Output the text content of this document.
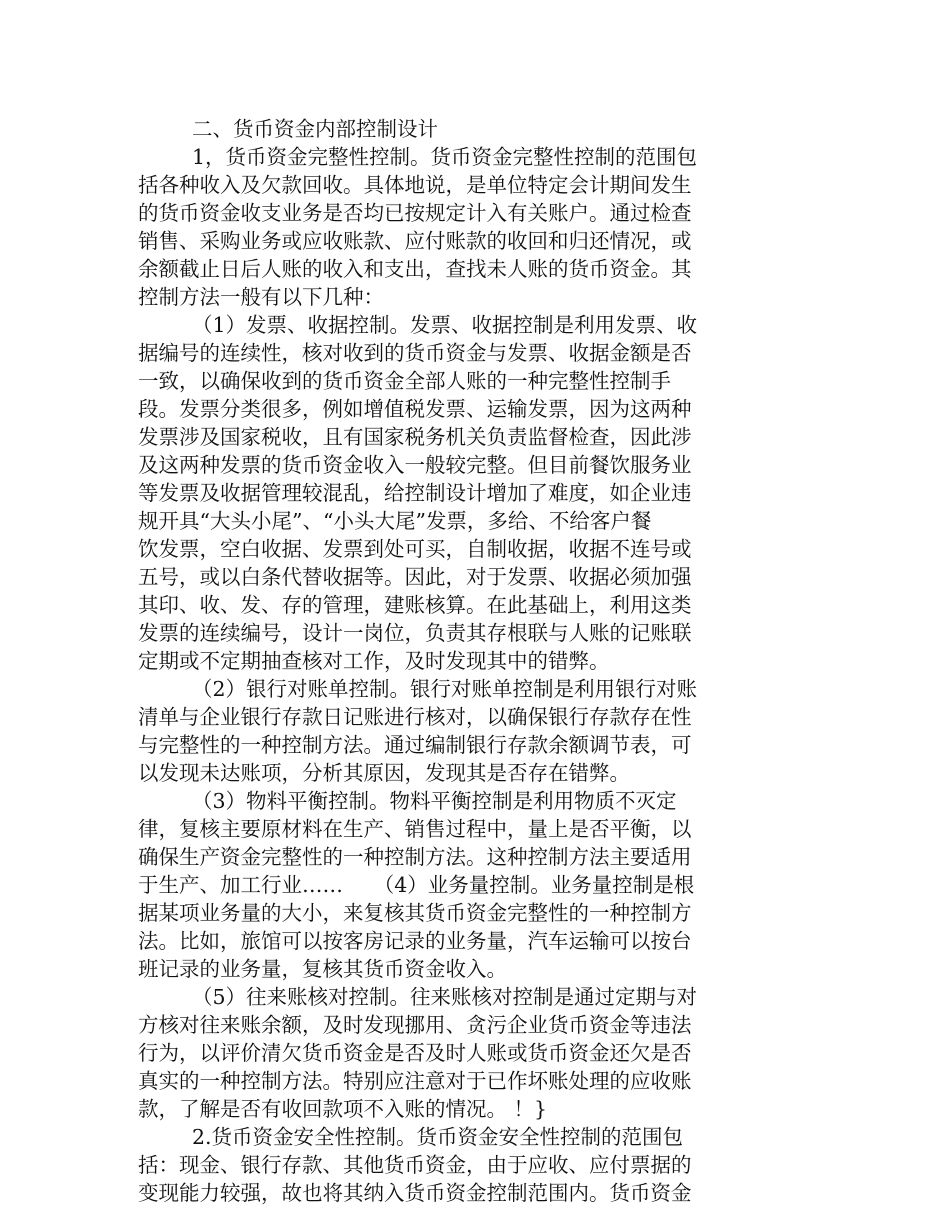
二、货币资金内部控制设计
1，货币资金完整性控制。货币资金完整性控制的范围包
括各种收入及欠款回收。具体地说，是单位特定会计期间发生
的货币资金收支业务是否均已按规定计入有关账户。通过检查
销售、采购业务或应收账款、应付账款的收回和归还情况，或
余额截止日后人账的收入和支出，查找未人账的货币资金。其
控制方法一般有以下几种：
（1）发票、收据控制。发票、收据控制是利用发票、收
据编号的连续性，核对收到的货币资金与发票、收据金额是否
一致，以确保收到的货币资金全部人账的一种完整性控制手
段。发票分类很多，例如增值税发票、运输发票，因为这两种
发票涉及国家税收，且有国家税务机关负责监督检查，因此涉
及这两种发票的货币资金收入一般较完整。但目前餐饮服务业
等发票及收据管理较混乱，给控制设计增加了难度，如企业违
规开具“大头小尾”、“小头大尾”发票，多给、不给客户餐
饮发票，空白收据、发票到处可买，自制收据，收据不连号或
五号，或以白条代替收据等。因此，对于发票、收据必须加强
其印、收、发、存的管理，建账核算。在此基础上，利用这类
发票的连续编号，设计一岗位，负责其存根联与人账的记账联
定期或不定期抽查核对工作，及时发现其中的错弊。
（2）银行对账单控制。银行对账单控制是利用银行对账
清单与企业银行存款日记账进行核对，以确保银行存款存在性
与完整性的一种控制方法。通过编制银行存款余额调节表，可
以发现未达账项，分析其原因，发现其是否存在错弊。
（3）物料平衡控制。物料平衡控制是利用物质不灭定
律，复核主要原材料在生产、销售过程中，量上是否平衡，以
确保生产资金完整性的一种控制方法。这种控制方法主要适用
于生产、加工行业……　　（4）业务量控制。业务量控制是根
据某项业务量的大小，来复核其货币资金完整性的一种控制方
法。比如，旅馆可以按客房记录的业务量，汽车运输可以按台
班记录的业务量，复核其货币资金收入。
（5）往来账核对控制。往来账核对控制是通过定期与对
方核对往来账余额，及时发现挪用、贪污企业货币资金等违法
行为，以评价清欠货币资金是否及时人账或货币资金还欠是否
真实的一种控制方法。特别应注意对于已作坏账处理的应收账
款，了解是否有收回款项不入账的情况。 ！}
2.货币资金安全性控制。货币资金安全性控制的范围包
括：现金、银行存款、其他货币资金，由于应收、应付票据的
变现能力较强，故也将其纳入货币资金控制范围内。货币资金
